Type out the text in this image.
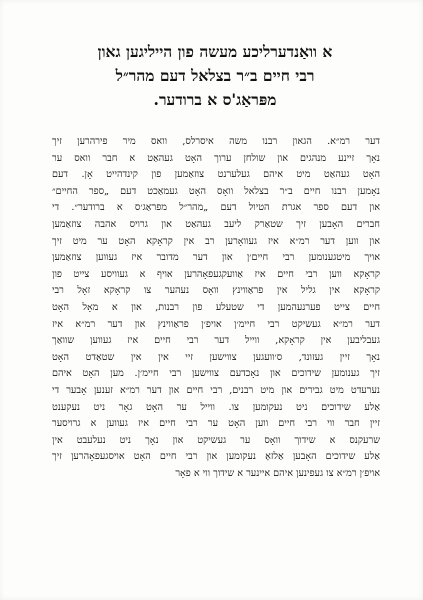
א וואַנדערליכע מעשה פון הייליגען גאון
רבי חיים ב״ר בצלאל דעם מהר״ל
מפּראַג'ס א ברודער.
דער רמ״א. הגאון רבנו משה איסרלס, וואס מיר פירהרען זיך
נאָך זיינע מנהגים און שולחן ערוך האָט געהאַט א חבר וואס ער
האָט געהאַט מיט איהם געלערנט צוזאַמען פון קינדהייט אָן. דעם
נאָמען רבנו חיים ב״ר בצלאל וואָס האָט געמאַכט דעם „ספר החיים״
און דעם ספר אגרת הטיול דעם „מהר״ל מפראַג׳ס א ברודער״. די
חברים האָבען זיך שטאַרק ליעב געהאַט און גרויס אהבה צוזאַמען
און ווען דער רמ״א איז געוואָרען רב אין קראָקא האָט ער מיט זיך
אויך מיטגענומען רבי חיים׳ן און דער מדובר איז געווען צוזאַמען
קראָקא ווען רבי חיים איז אַוועקגעפאָהרען אויף א געוויסע צייט פון
קראָקא אין גליל אין פראַווינץ וואָס נעהער צו קראָקא זאָל רבי
חיים צייט פערנעהמען די שטעלע פון רבנות, און א מאָל האָט
דער רמ״א געשיקט רבי חיימ׳ן אויפ׳ן פראַווינץ און דער רמ״א איז
געבליבען אין קראָקא, ווייל דער רבי חיים איז געווען שוואַך
נאָך זיין געזונד, ס׳וועגען צווישען זיי אין אין שטאַדט האָט
זיך גענומען שידוכים און נאָכדעם צווישען רבי חיימ׳ן. מען האָט איהם
נערעדט מיט גבירים און מיט רבנים, רבי חיים און דער רמ״א זענען אָבער די
אַלע שידוכים ניט נעקומען צו. ווייל ער האָט גאָר ניט נעקענט
זיין חבר ווי רבי חיים ווען האָט ער רבי חיים איז געווען א גרויסער
שרעקנס א שידוך וואָס ער געשיקט און נאָך ניט נעלעבט אין
אַלע שידוכים האָבען אַלזאָ נעקומען און רבי חיים האָט אויסגעפאָהרען זיך
אויפ׳ן רמ״א צו געפינען איהם איינער א שידוך ווי א פאָר
